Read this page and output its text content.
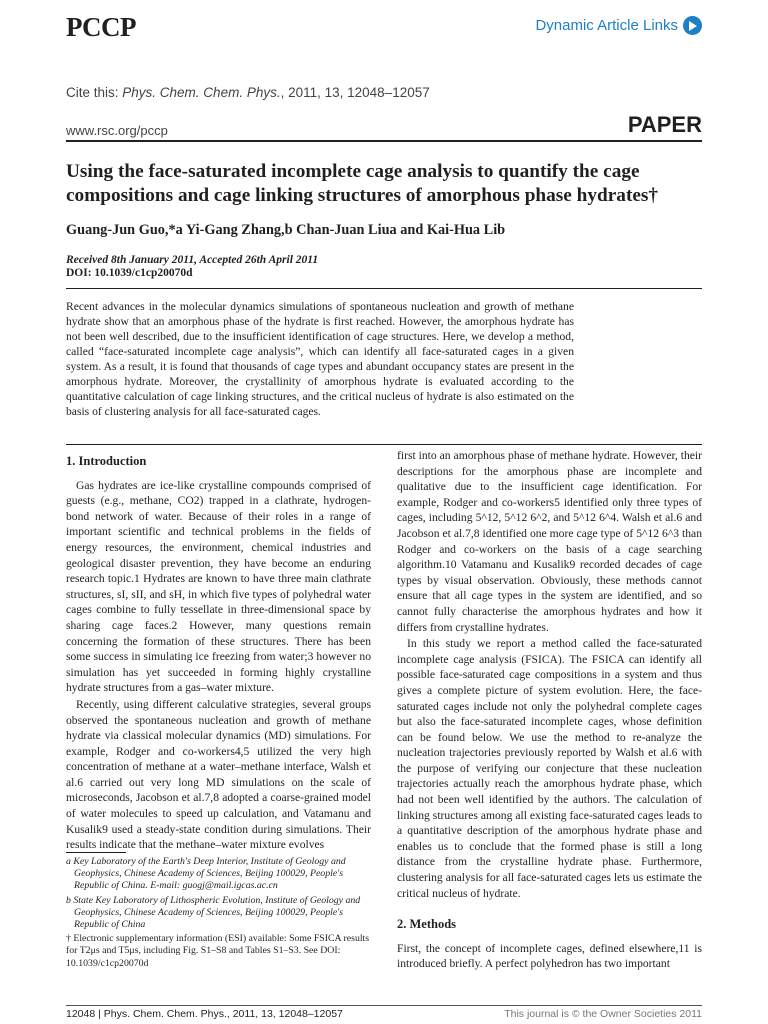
PCCP	Dynamic Article Links
Cite this: Phys. Chem. Chem. Phys., 2011, 13, 12048–12057
www.rsc.org/pccp	PAPER
Using the face-saturated incomplete cage analysis to quantify the cage compositions and cage linking structures of amorphous phase hydrates†
Guang-Jun Guo,*a Yi-Gang Zhang,b Chan-Juan Liua and Kai-Hua Lib
Received 8th January 2011, Accepted 26th April 2011
DOI: 10.1039/c1cp20070d
Recent advances in the molecular dynamics simulations of spontaneous nucleation and growth of methane hydrate show that an amorphous phase of the hydrate is first reached. However, the amorphous hydrate has not been well described, due to the insufficient identification of cage structures. Here, we develop a method, called “face-saturated incomplete cage analysis”, which can identify all face-saturated cages in a given system. As a result, it is found that thousands of cage types and abundant occupancy states are present in the amorphous hydrate. Moreover, the crystallinity of amorphous hydrate is evaluated according to the quantitative calculation of cage linking structures, and the critical nucleus of hydrate is also estimated on the basis of clustering analysis for all face-saturated cages.
1. Introduction
Gas hydrates are ice-like crystalline compounds comprised of guests (e.g., methane, CO2) trapped in a clathrate, hydrogen-bond network of water. Because of their roles in a range of important scientific and technical problems in the fields of energy resources, the environment, chemical industries and geological disaster prevention, they have become an enduring research topic.1 Hydrates are known to have three main clathrate structures, sI, sII, and sH, in which five types of polyhedral water cages combine to fully tessellate in three-dimensional space by sharing cage faces.2 However, many questions remain concerning the formation of these structures. There has been some success in simulating ice freezing from water;3 however no simulation has yet succeeded in forming highly crystalline hydrate structures from a gas–water mixture.
Recently, using different calculative strategies, several groups observed the spontaneous nucleation and growth of methane hydrate via classical molecular dynamics (MD) simulations. For example, Rodger and co-workers4,5 utilized the very high concentration of methane at a water–methane interface, Walsh et al.6 carried out very long MD simulations on the scale of microseconds, Jacobson et al.7,8 adopted a coarse-grained model of water molecules to speed up calculation, and Vatamanu and Kusalik9 used a steady-state condition during simulations. Their results indicate that the methane–water mixture evolves
first into an amorphous phase of methane hydrate. However, their descriptions for the amorphous phase are incomplete and qualitative due to the insufficient cage identification. For example, Rodger and co-workers5 identified only three types of cages, including 5^12, 5^12 6^2, and 5^12 6^4. Walsh et al.6 and Jacobson et al.7,8 identified one more cage type of 5^12 6^3 than Rodger and co-workers on the basis of a cage searching algorithm.10 Vatamanu and Kusalik9 recorded decades of cage types by visual observation. Obviously, these methods cannot ensure that all cage types in the system are identified, and so cannot fully characterise the amorphous hydrates and how it differs from crystalline hydrates.
In this study we report a method called the face-saturated incomplete cage analysis (FSICA). The FSICA can identify all possible face-saturated cage compositions in a system and thus gives a complete picture of system evolution. Here, the face-saturated cages include not only the polyhedral complete cages but also the face-saturated incomplete cages, whose definition can be found below. We use the method to re-analyze the nucleation trajectories previously reported by Walsh et al.6 with the purpose of verifying our conjecture that these nucleation trajectories actually reach the amorphous hydrate phase, which had not been well identified by the authors. The calculation of linking structures among all existing face-saturated cages leads to a quantitative description of the amorphous hydrate phase and enables us to conclude that the formed phase is still a long distance from the crystalline hydrate phase. Furthermore, clustering analysis for all face-saturated cages lets us estimate the critical nucleus of hydrate.
2. Methods
First, the concept of incomplete cages, defined elsewhere,11 is introduced briefly. A perfect polyhedron has two important
a Key Laboratory of the Earth's Deep Interior, Institute of Geology and Geophysics, Chinese Academy of Sciences, Beijing 100029, People's Republic of China. E-mail: guogj@mail.igcas.ac.cn
b State Key Laboratory of Lithospheric Evolution, Institute of Geology and Geophysics, Chinese Academy of Sciences, Beijing 100029, People's Republic of China
† Electronic supplementary information (ESI) available: Some FSICA results for T2μs and T5μs, including Fig. S1–S8 and Tables S1–S3. See DOI: 10.1039/c1cp20070d
12048 | Phys. Chem. Chem. Phys., 2011, 13, 12048–12057	This journal is © the Owner Societies 2011
